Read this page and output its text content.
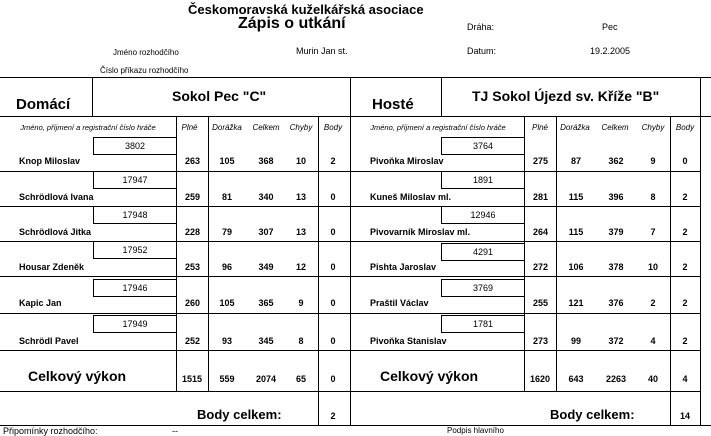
Českomoravská kuželkářská asociace
Zápis o utkání	Dráha:	Pec
Jméno rozhodčího	Murin Jan st.	Datum:	19.2.2005
Číslo příkazu rozhodčího
Domácí	Sokol Pec "C"	Hosté	TJ Sokol Újezd sv. Kříže "B"
Jméno, příjmení a registrační číslo hráče	Plné	Dorážka	Celkem	Chyby	Body	Jméno, příjmení a registrační číslo hráče	Plné	Dorážka	Celkem	Chyby	Body
3802
Knop Miloslav	263	105	368	10	2
17947
Schrödlová Ivana	259	81	340	13	0
17948
Schrödlová Jitka	228	79	307	13	0
17952
Housar Zdeněk	253	96	349	12	0
17946
Kapic Jan	260	105	365	9	0
17949
Schrödl Pavel	252	93	345	8	0
Celkový výkon	1515	559	2074	65	0
Body celkem:	2
3764
Pivoňka Miroslav	275	87	362	9	0
1891
Kuneš Miloslav ml.	281	115	396	8	2
12946
Pivovarník Miroslav ml.	264	115	379	7	2
4291
Pishta Jaroslav	272	106	378	10	2
3769
Praštil Václav	255	121	376	2	2
1781
Pivoňka Stanislav	273	99	372	4	2
Celkový výkon	1620	643	2263	40	4
Body celkem:	14
Připomínky rozhodčího:	--	Podpis hlavního
